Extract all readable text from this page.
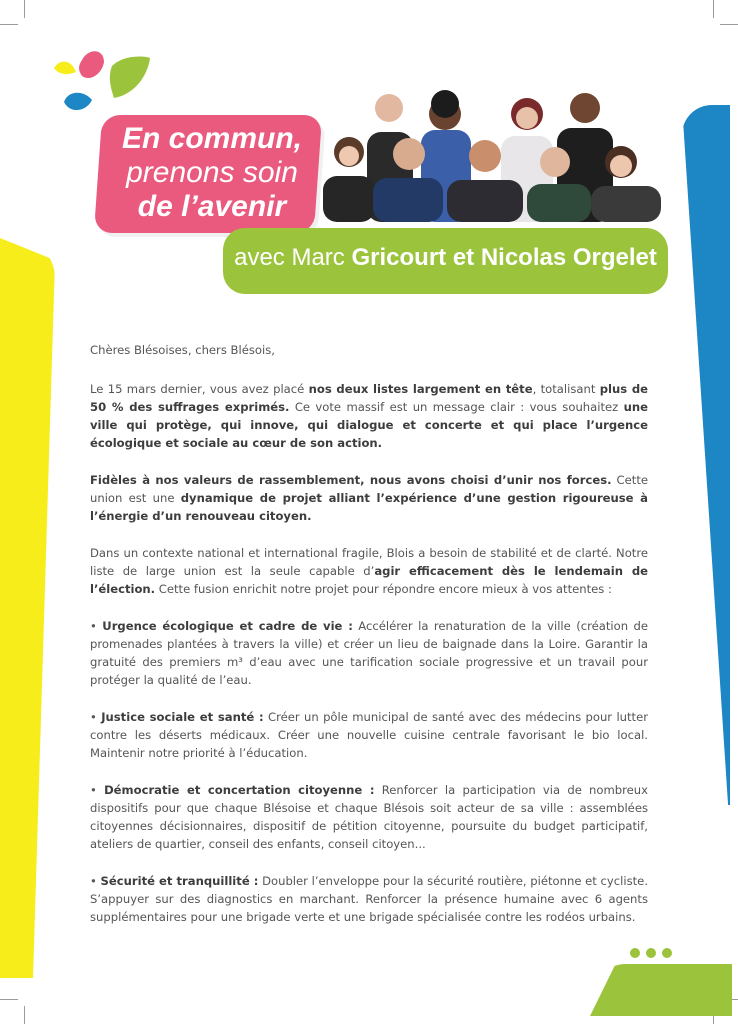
En commun,
prenons soin
de l’avenir
avec Marc Gricourt et Nicolas Orgelet

Chères Blésoises, chers Blésois,

Le 15 mars dernier, vous avez placé nos deux listes largement en tête, totalisant plus de 50 % des suffrages exprimés. Ce vote massif est un message clair : vous souhaitez une ville qui protège, qui innove, qui dialogue et concerte et qui place l’urgence écologique et sociale au cœur de son action.

Fidèles à nos valeurs de rassemblement, nous avons choisi d’unir nos forces. Cette union est une dynamique de projet alliant l’expérience d’une gestion rigoureuse à l’énergie d’un renouveau citoyen.

Dans un contexte national et international fragile, Blois a besoin de stabilité et de clarté. Notre liste de large union est la seule capable d’agir efficacement dès le lendemain de l’élection. Cette fusion enrichit notre projet pour répondre encore mieux à vos attentes :

• Urgence écologique et cadre de vie : Accélérer la renaturation de la ville (création de promenades plantées à travers la ville) et créer un lieu de baignade dans la Loire. Garantir la gratuité des premiers m³ d’eau avec une tarification sociale progressive et un travail pour protéger la qualité de l’eau.

• Justice sociale et santé : Créer un pôle municipal de santé avec des médecins pour lutter contre les déserts médicaux. Créer une nouvelle cuisine centrale favorisant le bio local. Maintenir notre priorité à l’éducation.

• Démocratie et concertation citoyenne : Renforcer la participation via de nombreux dispositifs pour que chaque Blésoise et chaque Blésois soit acteur de sa ville : assemblées citoyennes décisionnaires, dispositif de pétition citoyenne, poursuite du budget participatif, ateliers de quartier, conseil des enfants, conseil citoyen...

• Sécurité et tranquillité : Doubler l’enveloppe pour la sécurité routière, piétonne et cycliste. S’appuyer sur des diagnostics en marchant. Renforcer la présence humaine avec 6 agents supplémentaires pour une brigade verte et une brigade spécialisée contre les rodéos urbains.
